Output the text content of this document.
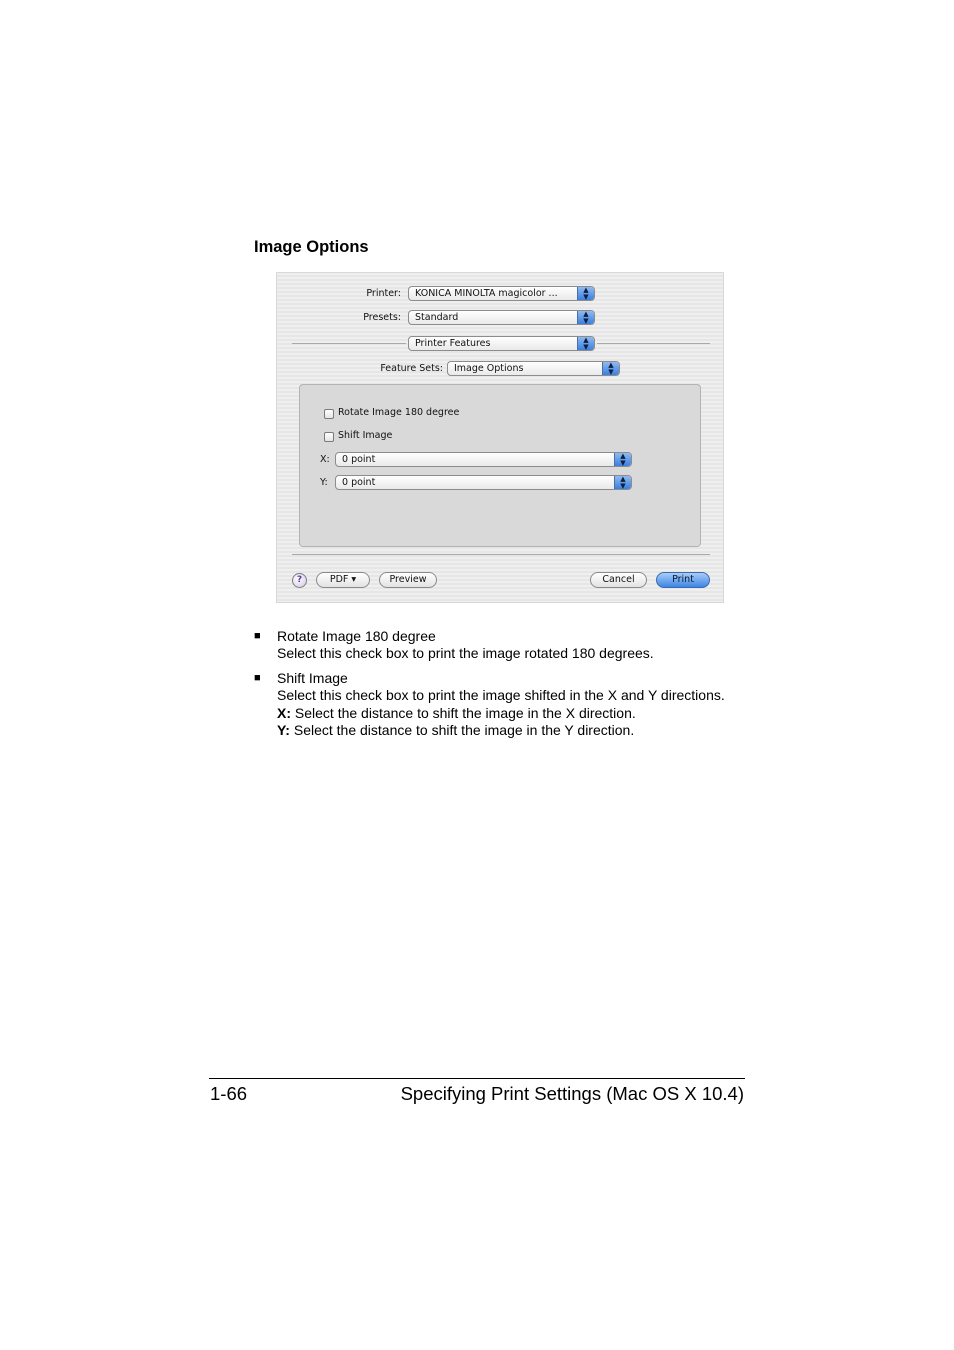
Image Options
Printer:	KONICA MINOLTA magicolor ...	▲
▼
Presets:	Standard	▲
▼
Printer Features	▲
▼
Feature Sets:	Image Options	▲
▼
Rotate Image 180 degree
Shift Image
X:	0 point	▲
▼
Y:	0 point	▲
▼
?	PDF ▾	Preview	Cancel	Print
■ Rotate Image 180 degree
Select this check box to print the image rotated 180 degrees.
■ Shift Image
Select this check box to print the image shifted in the X and Y directions.
X: Select the distance to shift the image in the X direction.
Y: Select the distance to shift the image in the Y direction.
1-66	Specifying Print Settings (Mac OS X 10.4)
